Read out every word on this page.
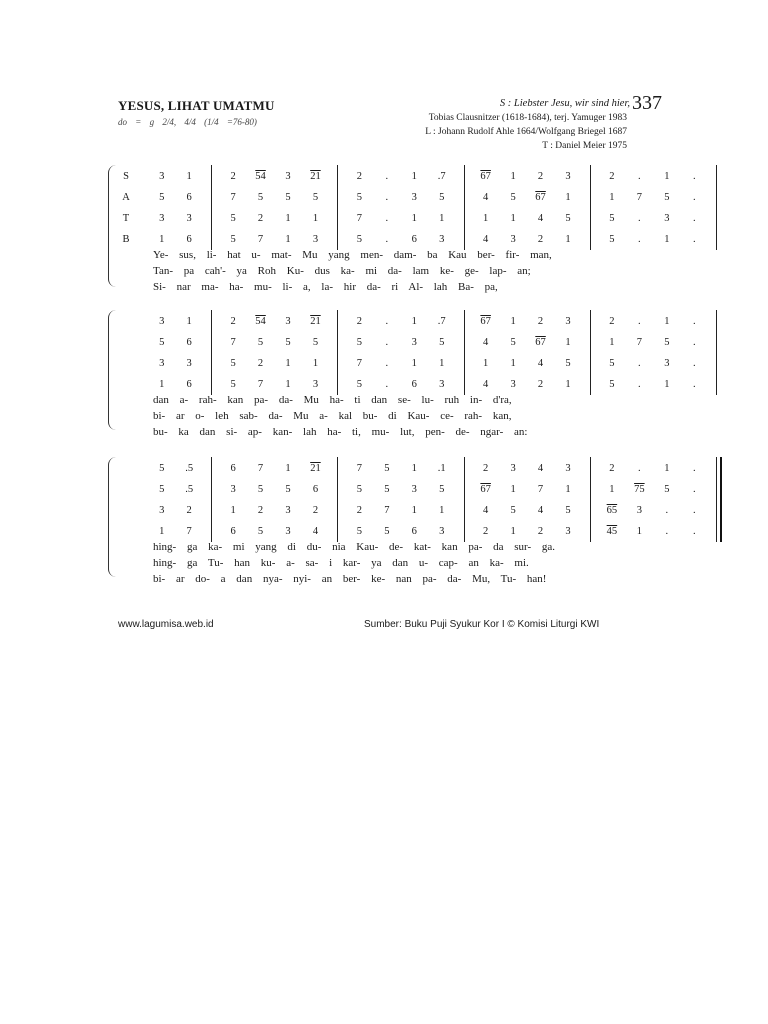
YESUS, LIHAT UMATMU
do = g 2/4, 4/4 (1/4 =76-80)
S : Liebster Jesu, wir sind hier, 337
Tobias Clausnitzer (1618-1684), terj. Yamuger 1983
L : Johann Rudolf Ahle 1664/Wolfgang Briegel 1687
T : Daniel Meier 1975
S	3 1	2 54 3 21	2 . 1 .7	67 1 2 3	2 . 1 .
A	5 6	7 5 5 5	5 . 3 5	4 5 67 1	1 7 5 .
T	3 3	5 2 1 1	7 . 1 1	1 1 4 5	5 . 3 .
B	1 6	5 7 1 3	5 . 6 3	4 3 2 1	5 . 1 .
Ye- sus, li- hat u- mat- Mu yang men- dam- ba Kau ber- fir- man,
Tan- pa cah'- ya Roh Ku- dus ka- mi da- lam ke- ge- lap- an;
Si- nar ma- ha- mu- li- a, la- hir da- ri Al- lah Ba- pa,
3 1	2 54 3 21	2 . 1 .7	67 1 2 3	2 . 1 .
5 6	7 5 5 5	5 . 3 5	4 5 67 1	1 7 5 .
3 3	5 2 1 1	7 . 1 1	1 1 4 5	5 . 3 .
1 6	5 7 1 3	5 . 6 3	4 3 2 1	5 . 1 .
dan a- rah- kan pa- da- Mu ha- ti dan se- lu- ruh in- d'ra,
bi- ar o- leh sab- da- Mu a- kal bu- di Kau- ce- rah- kan,
bu- ka dan si- ap- kan- lah ha- ti, mu- lut, pen- de- ngar- an:
5 .5	6 7 1 21	7 5 1 .1	2 3 4 3	2 . 1 .
5 .5	3 5 5 6	5 5 3 5	67 1 7 1	1 75 5 .
3 2	1 2 3 2	2 7 1 1	4 5 4 5	65 3 . .
1 7	6 5 3 4	5 5 6 3	2 1 2 3	45 1 . .
hing- ga ka- mi yang di du- nia Kau- de- kat- kan pa- da sur- ga.
hing- ga Tu- han ku- a- sa- i kar- ya dan u- cap- an ka- mi.
bi- ar do- a dan nya- nyi- an ber- ke- nan pa- da- Mu, Tu- han!
www.lagumisa.web.id	Sumber: Buku Puji Syukur Kor I © Komisi Liturgi KWI
